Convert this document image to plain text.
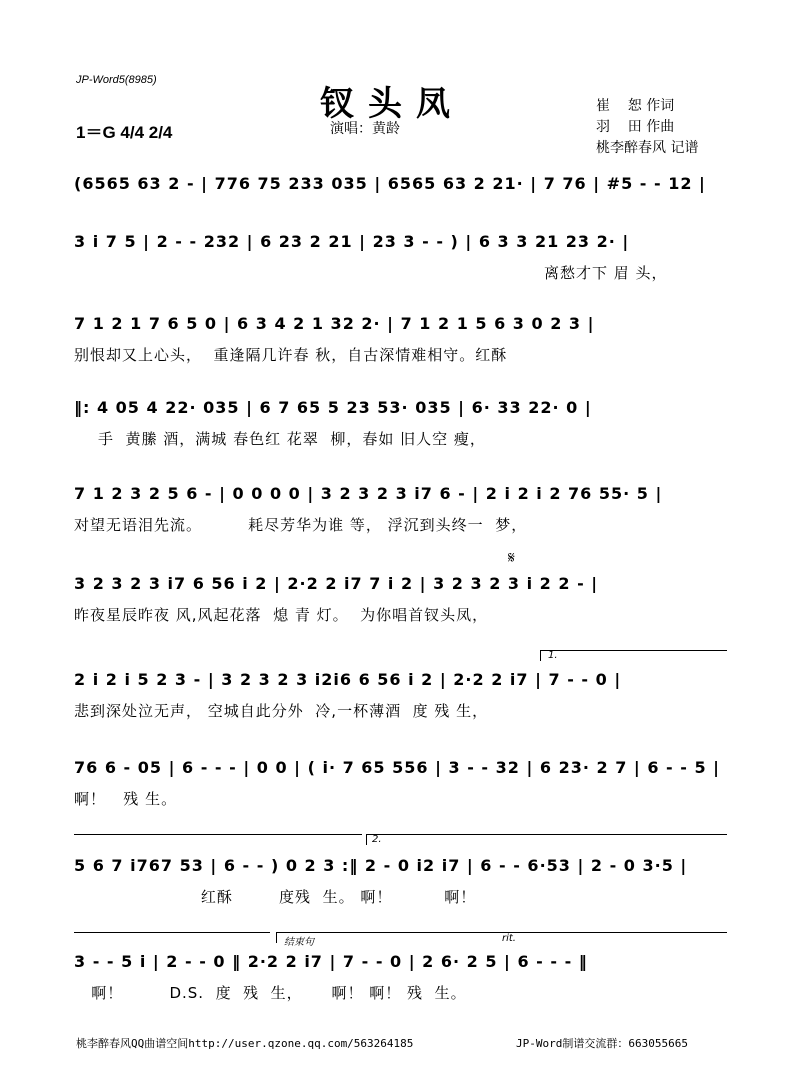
JP-Word5(8985)
钗头凤
演唱：黄龄
1＝G 4/4 2/4
崔    恕 作词
羽    田 作曲
桃李醉春风 记谱
(6565 63 2 - | 776 75 233 035 | 6565 63 2 21· | 7 76 | #5 - - 12 |
3 i 7 5 | 2 - - 232 | 6 23 2 21 | 23 3 - - ) | 6 3 3 21 23 2· |
离愁才下 眉 头，
7 1 2 1 7 6 5 0 | 6 3 4 2 1 32 2· | 7 1 2 1 5 6 3 0 2 3 |
别恨却又上心头，  重逢隔几许春 秋，自古深情难相守。红酥
‖: 4 05 4 22· 035 | 6 7 65 5 23 53· 035 | 6· 33 22· 0 |
手  黄縢 酒，满城 春色红 花翠  柳，春如 旧人空 瘦，
7 1 2 3 2 5 6 - | 0 0 0 0 | 3 2 3 2 3 i7 6 - | 2 i 2 i 2 76 55· 5 |
对望无语泪先流。        耗尽芳华为谁 等， 浮沉到头终一  梦，
𝄋
3 2 3 2 3 i7 6 56 i 2 | 2·2 2 i7 7 i 2 | 3 2 3 2 3 i 2 2 - |
昨夜星辰昨夜 风,风起花落  熄 青 灯。  为你唱首钗头凤，
1.
2 i 2 i 5 2 3 - | 3 2 3 2 3 i2i6 6 56 i 2 | 2·2 2 i7 | 7 - - 0 |
悲到深处泣无声， 空城自此分外  冷,一杯薄酒  度 残 生，
76 6 - 05 | 6 - - - | 0 0 | ( i· 7 65 556 | 3 - - 32 | 6 23· 2 7 | 6 - - 5 |
啊！   残 生。
2.
5 6 7 i767 53 | 6 - - ) 0 2 3 :‖ 2 - 0 i2 i7 | 6 - - 6·53 | 2 - 0 3·5 |
红酥        度残  生。 啊！         啊！
结束句	rit.
3 - - 5 i | 2 - - 0 ‖ 2·2 2 i7 | 7 - - 0 | 2 6· 2 5 | 6 - - - ‖
啊！        D.S.  度  残  生，     啊！ 啊！ 残  生。
桃李醉春风QQ曲谱空间http://user.qzone.qq.com/563264185	JP-Word制谱交流群：663055665
